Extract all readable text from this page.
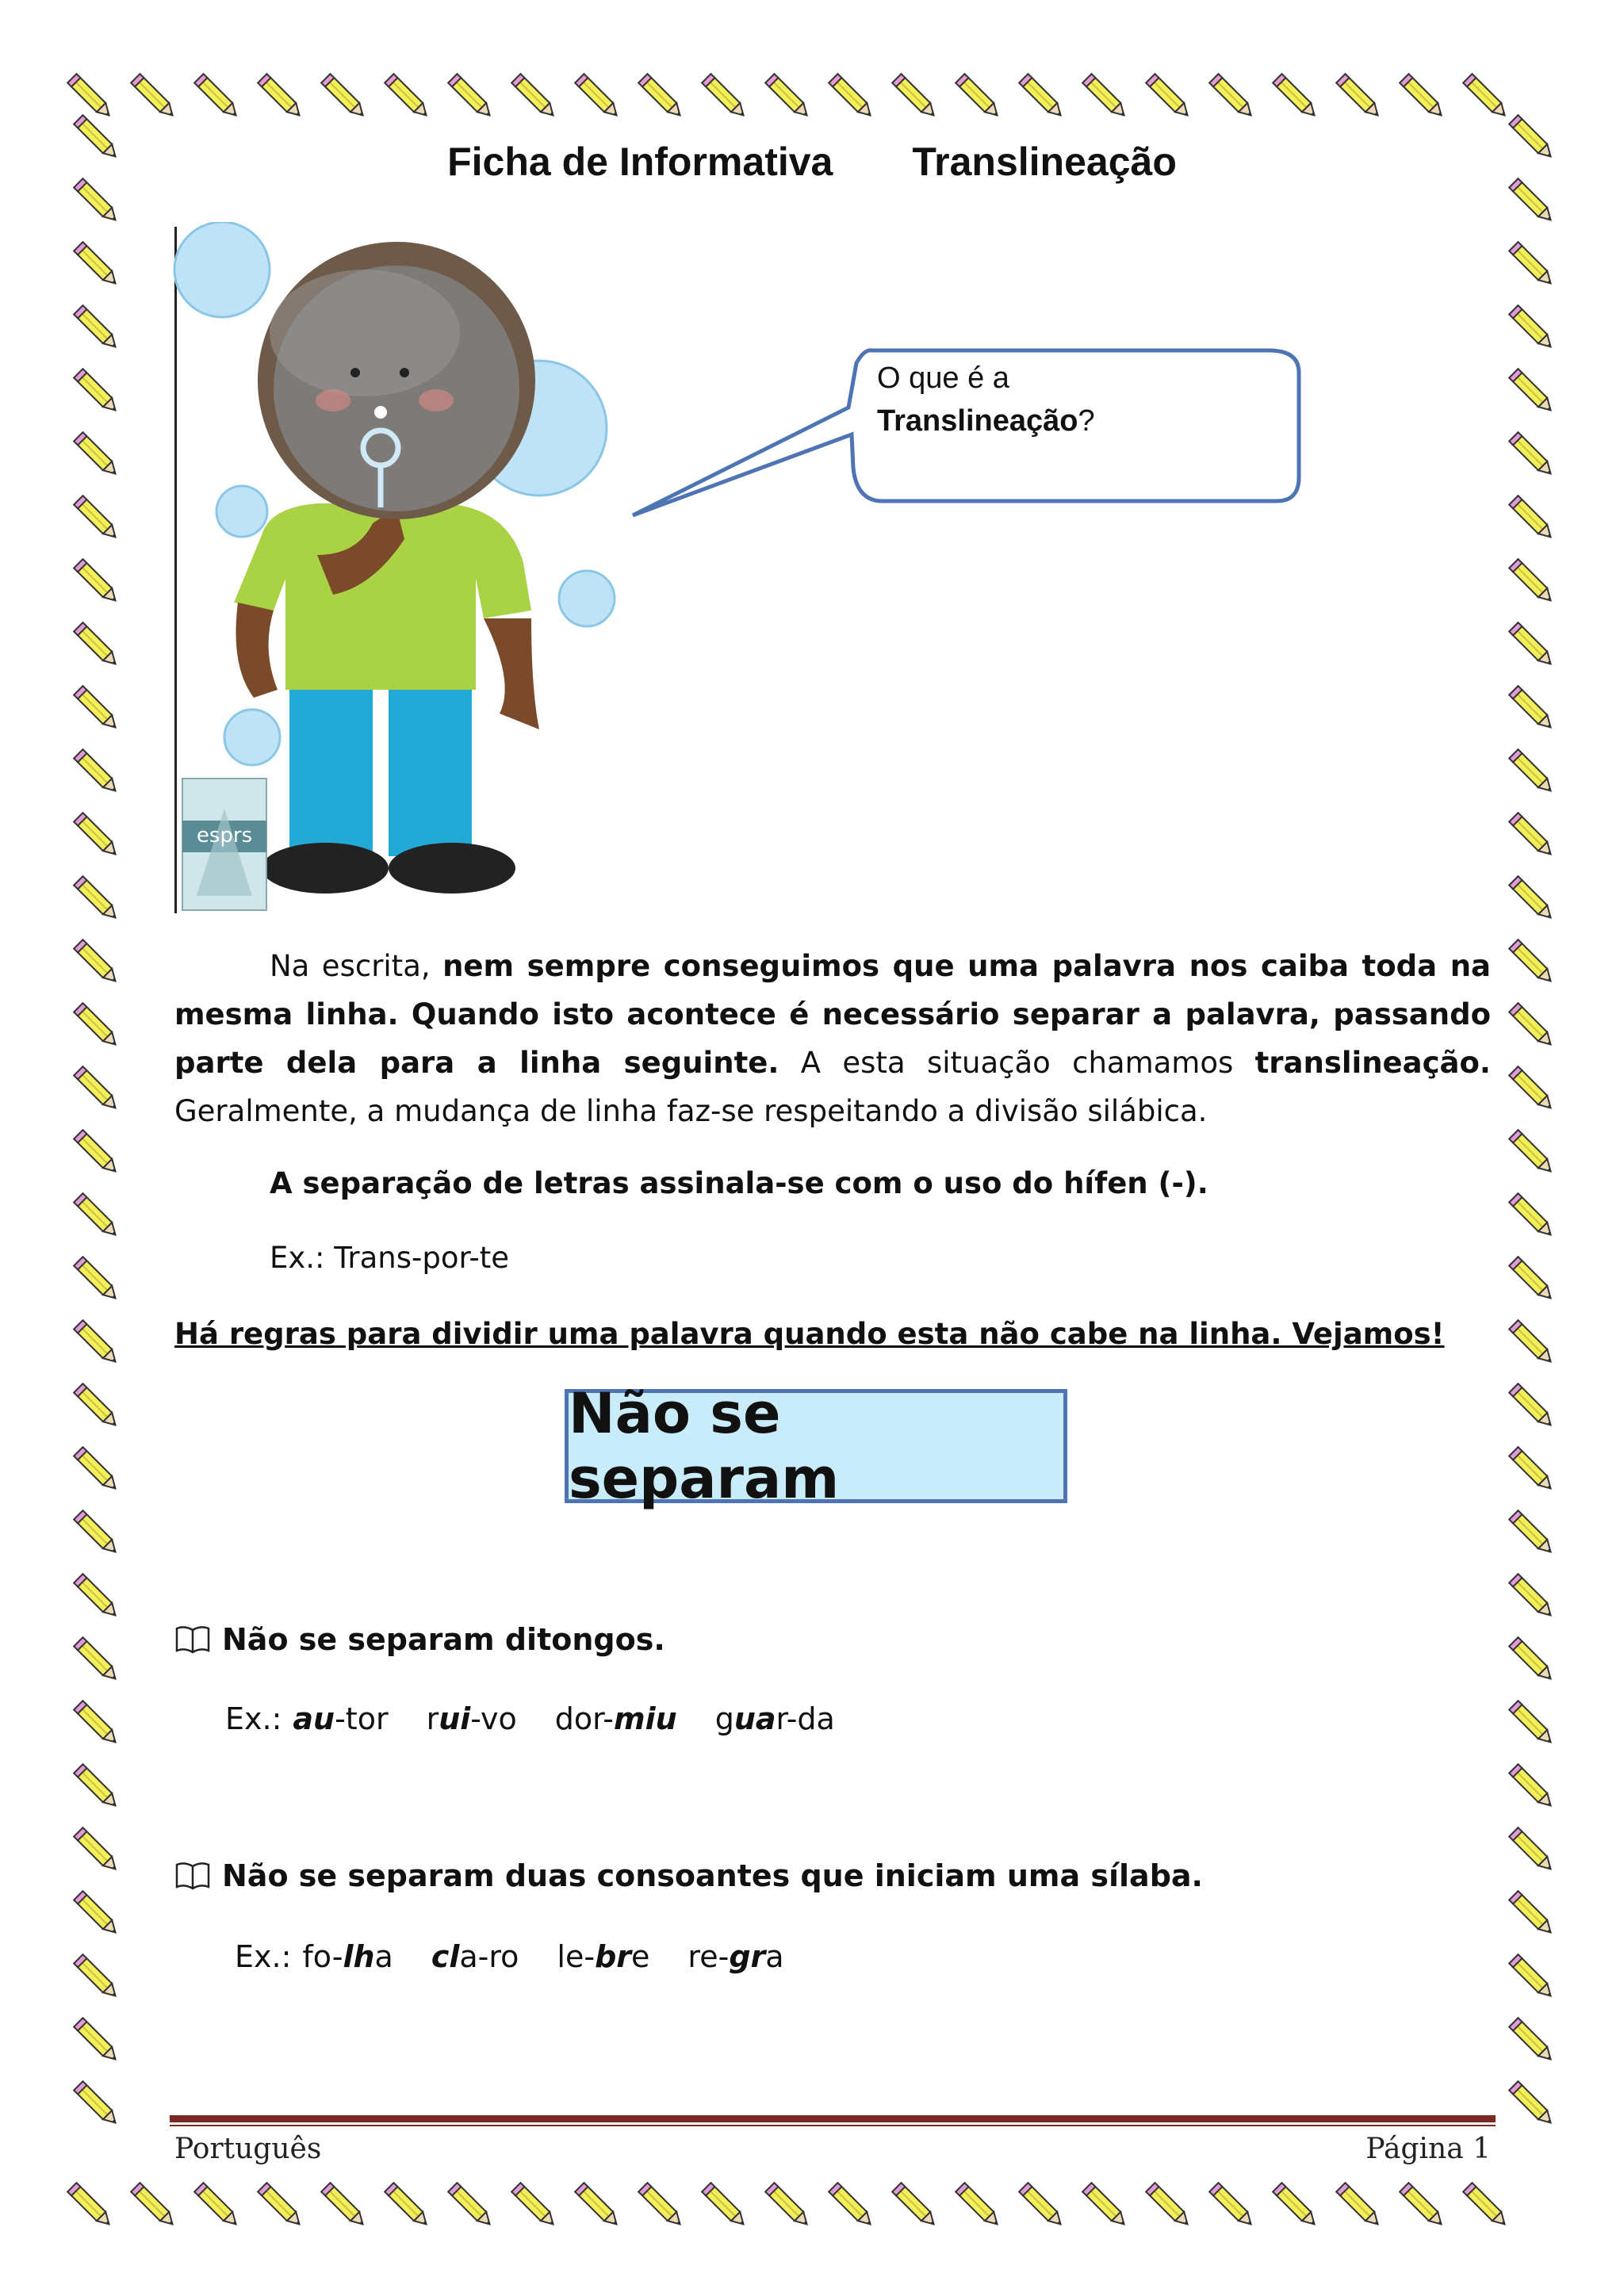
Ficha de Informativa Translineação
O que é a
Translineação?
esprs
Na escrita, nem sempre conseguimos que uma palavra nos caiba toda na mesma linha. Quando isto acontece é necessário separar a palavra, passando parte dela para a linha seguinte. A esta situação chamamos translineação. Geralmente, a mudança de linha faz-se respeitando a divisão silábica.
A separação de letras assinala-se com o uso do hífen (-).
Ex.: Trans-por-te
Há regras para dividir uma palavra quando esta não cabe na linha. Vejamos!
Não se separam
Não se separam ditongos.
Ex.: au-tor rui-vo dor-miu guar-da
Não se separam duas consoantes que iniciam uma sílaba.
Ex.: fo-lha cla-ro le-bre re-gra
Português	Página 1
